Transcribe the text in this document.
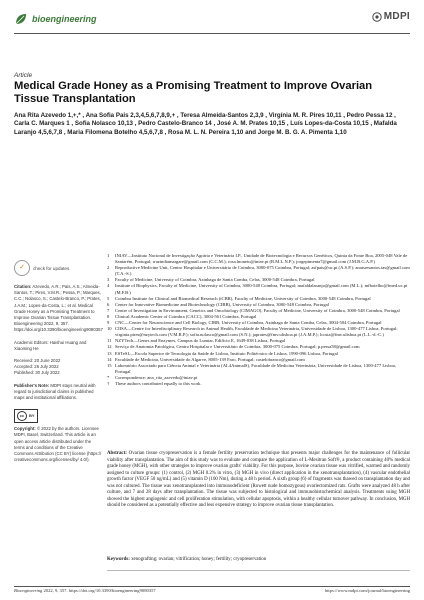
bioengineering	MDPI
Article
Medical Grade Honey as a Promising Treatment to Improve Ovarian Tissue Transplantation
Ana Rita Azevedo 1,+,* , Ana Sofia Pais 2,3,4,5,6,7,8,9,+ , Teresa Almeida-Santos 2,3,9 , Virgínia M. R. Pires 10,11 , Pedro Pessa 12 , Carla C. Marques 1 , Sofia Nolasco 10,13 , Pedro Castelo-Branco 14 , José A. M. Prates 10,15 , Luís Lopes-da-Costa 10,15 , Mafalda Laranjo 4,5,6,7,8 , Maria Filomena Botelho 4,5,6,7,8 , Rosa M. L. N. Pereira 1,10 and Jorge M. B. G. A. Pimenta 1,10
✓	check for updates
Citation: Azevedo, A.R.; Pais, A.S.; Almeida-Santos, T.; Pires, V.M.R.; Pessa, P.; Marques, C.C.; Nolasco, S.; Castelo-Branco, P.; Prates, J.A.M.; Lopes-da-Costa, L.; et al. Medical Grade Honey as a Promising Treatment to Improve Ovarian Tissue Transplantation. Bioengineering 2022, 9, 357. https://doi.org/10.3390/bioengineering9080357
Academic Editors: Haishui Huang and Xiaoming He
Received: 20 June 2022
Accepted: 26 July 2022
Published: 30 July 2022
Publisher's Note: MDPI stays neutral with regard to jurisdictional claims in published maps and institutional affiliations.
cc	BY
Copyright: © 2022 by the authors. Licensee MDPI, Basel, Switzerland. This article is an open access article distributed under the terms and conditions of the Creative Commons Attribution (CC BY) license (https:// creativecommons.org/licenses/by/ 4.0/).
1	INIAV—Instituto Nacional de Investigação Agrária e Veterinária I.P., Unidade de Biotecnologia e Recursos Genéticos, Quinta da Fonte Boa, 2005-048 Vale de Santarém, Portugal; rrazindiamargare@gmail.com (C.C.M.); rosa.lnoneto@iniav.pt (R.M.L.N.P.); jorgepimenta7@gmail.com (J.M.B.G.A.P.)
2	Reproductive Medicine Unit, Centro Hospitalar e Universitário de Coimbra, 3000-075 Coimbra, Portugal; asfpais@uc.pt (A.S.P.); anatsresantos.tas@gmail.com (T.A.-S.)
3	Faculty of Medicine, University of Coimbra, Azinhaga de Santa Comba, Celas, 3000-548 Coimbra, Portugal
4	Institute of Biophysics, Faculty of Medicine, University of Coimbra, 3000-548 Coimbra, Portugal; mafaldalaranjo@gmail.com (M.L.); mfbotelho@fmed.uc.pt (M.F.B.)
5	Coimbra Institute for Clinical and Biomedical Research (iCBR), Faculty of Medicine, University of Coimbra, 3000-548 Coimbra, Portugal
6	Center for Innovative Biomedicine and Biotechnology (CIBB), University of Coimbra, 3000-548 Coimbra, Portugal
7	Centre of Investigation in Environment, Genetics and Oncobiology (CIMAGO), Faculty of Medicine, University of Coimbra, 3000-548 Coimbra, Portugal
8	Clinical Academic Center of Coimbra (CACC), 3004-561 Coimbra, Portugal
9	CNC—Center for Neuroscience and Cell Biology, CIBB, University of Coimbra, Azinhaga de Santa Comba, Celas, 3004-504 Coimbra, Portugal
10 CIISA—Centre for Interdisciplinary Research in Animal Health, Faculdade de Medicina Veterinária, Universidade de Lisboa, 1300-477 Lisboa, Portugal; virginia.pires@nzytech.com (V.M.R.P.); sofia.nolasco@gmail.com (S.N.); japrates@fmv.ulisboa.pt (J.A.M.P.); lcosta@fmv.ulisboa.pt (L.L.-d.-C.)
11 NZYTech—Genes and Enzymes, Campus do Lumiar, Edifício E, 1649-038 Lisboa, Portugal
12 Serviço de Anatomia Patológica, Centro Hospitalar e Universitário de Coimbra, 3000-075 Coimbra, Portugal; p.pessa58@gmail.com
13 ESTeSL—Escola Superior de Tecnologia da Saúde de Lisboa, Instituto Politécnico de Lisboa, 1990-096 Lisboa, Portugal
14 Faculdade de Medicina, Universidade do Algarve, 8005-139 Faro, Portugal; castelobranco@gmail.com
15 Laboratório Associado para Ciência Animal e Veterinária (AL4AnimalS), Faculdade de Medicina Veterinária, Universidade de Lisboa, 1300-477 Lisboa, Portugal
*	Correspondence: ana_rita_azevedo@iniav.pt
†	These authors contributed equally to this work.
Abstract: Ovarian tissue cryopreservation is a female fertility preservation technique that presents major challenges for the maintenance of follicular viability after transplantation. The aim of this study was to evaluate and compare the application of L-Mesitran Soft®, a product containing 40% medical grade honey (MGH), with other strategies to improve ovarian grafts' viability. For this purpose, bovine ovarian tissue was vitrified, warmed and randomly assigned to culture groups: (1) control, (2) MGH 0.2% in vitro, (3) MGH in vivo (direct application in the xenotransplantation), (4) vascular endothelial growth factor (VEGF 50 ng/mL) and (5) vitamin D (100 Nm), during a 48 h period. A sixth group (6) of fragments was thawed on transplantation day and was not cultured. The tissue was xenotransplanted into immunodeficient (Rowett nude homozygous) ovariectomized rats. Grafts were analyzed 48 h after culture, and 7 and 28 days after transplantation. The tissue was subjected to histological and immunohistochemical analysis. Treatments using MGH showed the highest angiogenic and cell proliferation stimulation, with cellular apoptosis, within a healthy cellular turnover pathway. In conclusion, MGH should be considered as a potentially effective and less expensive strategy to improve ovarian tissue transplantation.
Keywords: xenografting; ovarian; vitrification; honey; fertility; cryopreservation
Bioengineering 2022, 9, 357. https://doi.org/10.3390/bioengineering9080357	https://www.mdpi.com/journal/bioengineering
